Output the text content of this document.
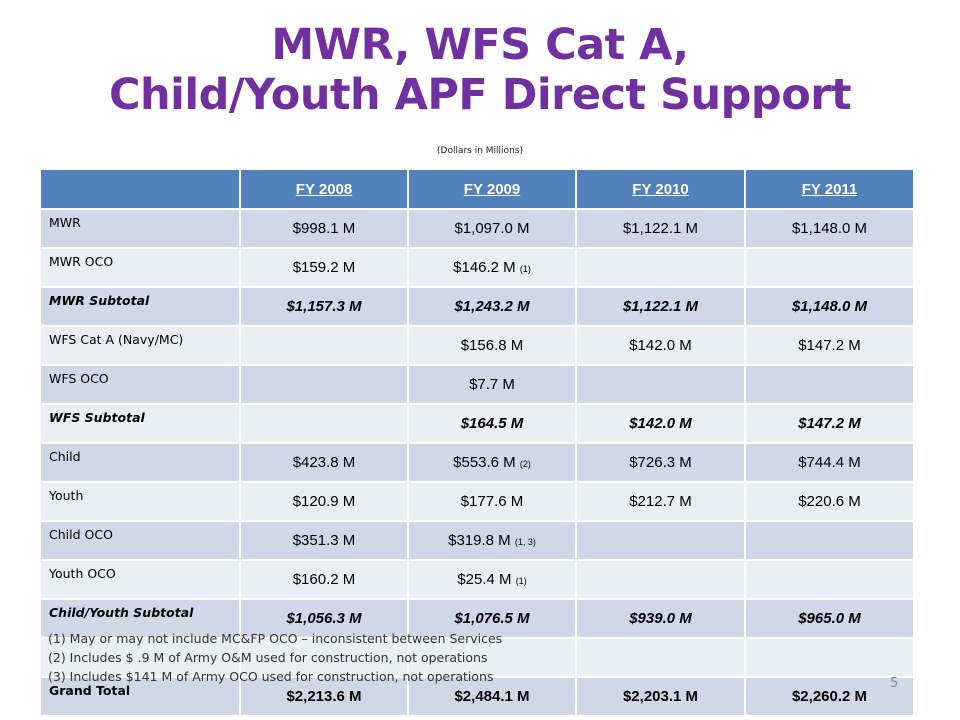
MWR, WFS Cat A,
Child/Youth APF Direct Support
(Dollars in Millions)
	FY 2008	FY 2009	FY 2010	FY 2011
MWR	$998.1 M	$1,097.0 M	$1,122.1 M	$1,148.0 M
MWR OCO	$159.2 M	$146.2 M (1)		
MWR Subtotal	$1,157.3 M	$1,243.2 M	$1,122.1 M	$1,148.0 M
WFS Cat A (Navy/MC)		$156.8 M	$142.0 M	$147.2 M
WFS OCO		$7.7 M		
WFS Subtotal		$164.5 M	$142.0 M	$147.2 M
Child	$423.8 M	$553.6 M (2)	$726.3 M	$744.4 M
Youth	$120.9 M	$177.6 M	$212.7 M	$220.6 M
Child OCO	$351.3 M	$319.8 M (1, 3)		
Youth OCO	$160.2 M	$25.4 M (1)		
Child/Youth Subtotal	$1,056.3 M	$1,076.5 M	$939.0 M	$965.0 M

Grand Total	$2,213.6 M	$2,484.1 M	$2,203.1 M	$2,260.2 M
(1) May or may not include MC&FP OCO – inconsistent between Services
(2) Includes $ .9 M of Army O&M used for construction, not operations
(3) Includes $141 M of Army OCO used for construction, not operations	5
